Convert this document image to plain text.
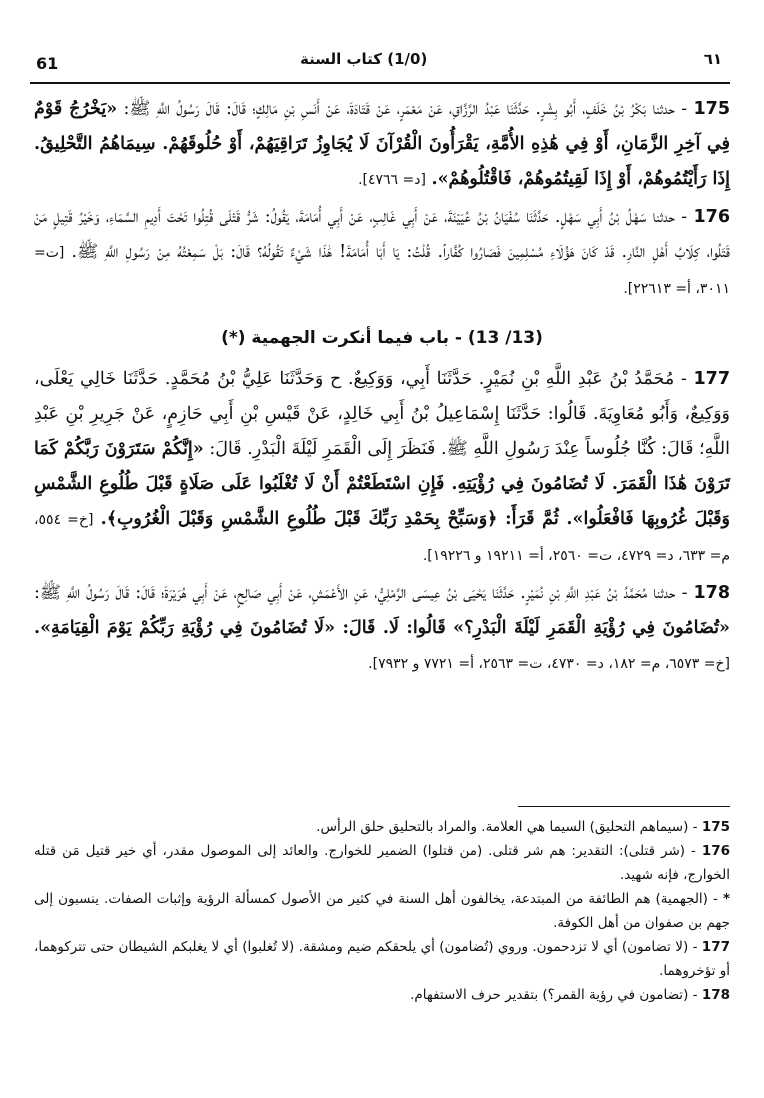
61	(1/0) كتاب السنة	٦١

175 - حدثنا بَكْرُ بْنُ خَلَفٍ، أَبُو بِشْرٍ. حَدَّثَنَا عَبْدُ الرَّزَّاقِ، عَنْ مَعْمَرٍ، عَنْ قَتَادَةَ، عَنْ أَنَسِ بْنِ مَالِكٍ؛ قَالَ: قَالَ رَسُولُ اللَّهِ ﷺ: «يَخْرُجُ قَوْمٌ فِي آخِرِ الزَّمَانِ، أَوْ فِي هَٰذِهِ الأُمَّةِ، يَقْرَأُونَ الْقُرْآنَ لَا يُجَاوِزُ تَرَاقِيَهُمْ، أَوْ حُلُوقَهُمْ. سِيمَاهُمُ التَّحْلِيقُ. إِذَا رَأَيْتُمُوهُمْ، أَوْ إِذَا لَقِيتُمُوهُمْ، فَاقْتُلُوهُمْ». [د= ٤٧٦٦].

176 - حدثنا سَهْلُ بْنُ أَبِي سَهْلٍ. حَدَّثَنَا سُفْيَانُ بْنُ عُيَيْنَةَ، عَنْ أَبِي غَالِبٍ، عَنْ أَبِي أُمَامَةَ، يَقُولُ: شَرُّ قَتْلَى قُتِلُوا تَحْتَ أَدِيمِ السَّمَاءِ، وَخَيْرُ قَتِيلٍ مَنْ قَتَلُوا، كِلَابُ أَهْلِ النَّارِ. قَدْ كَانَ هَؤُلَاءِ مُسْلِمِينَ فَصَارُوا كُفَّاراً. قُلْتُ: يَا أَبَا أُمَامَةَ! هَٰذَا شَيْءٌ تَقُولُهُ؟ قَالَ: بَلْ سَمِعْتُهُ مِنْ رَسُولِ اللَّهِ ﷺ. [ت= ٣٠١١، أ= ٢٢٦١٣].

(13/ 13) - باب فيما أنكرت الجهمية (*)

177 - مُحَمَّدُ بْنُ عَبْدِ اللَّهِ بْنِ نُمَيْرٍ. حَدَّثَنَا أَبِي، وَوَكِيعٌ. ح وَحَدَّثَنَا عَلِيُّ بْنُ مُحَمَّدٍ. حَدَّثَنَا خَالِي يَعْلَى، وَوَكِيعٌ، وَأَبُو مُعَاوِيَةَ. قَالُوا: حَدَّثَنَا إِسْمَاعِيلُ بْنُ أَبِي خَالِدٍ، عَنْ قَيْسِ بْنِ أَبِي حَازِمٍ، عَنْ جَرِيرِ بْنِ عَبْدِ اللَّهِ؛ قَالَ: كُنَّا جُلُوساً عِنْدَ رَسُولِ اللَّهِ ﷺ. فَنَظَرَ إِلَى الْقَمَرِ لَيْلَةَ الْبَدْرِ. قَالَ: «إِنَّكُمْ سَتَرَوْنَ رَبَّكُمْ كَمَا تَرَوْنَ هَٰذَا الْقَمَرَ. لَا تُضَامُونَ فِي رُؤْيَتِهِ. فَإِنِ اسْتَطَعْتُمْ أَنْ لَا تُغْلَبُوا عَلَى صَلَاةٍ قَبْلَ طُلُوعِ الشَّمْسِ وَقَبْلَ غُرُوبِهَا فَافْعَلُوا». ثُمَّ قَرَأَ: ﴿وَسَبِّحْ بِحَمْدِ رَبِّكَ قَبْلَ طُلُوعِ الشَّمْسِ وَقَبْلَ الْغُرُوبِ﴾. [خ= ٥٥٤، م= ٦٣٣، د= ٤٧٢٩، ت= ٢٥٦٠، أ= ١٩٢١١ و ١٩٢٢٦].

178 - حدثنا مُحَمَّدُ بْنُ عَبْدِ اللَّهِ بْنِ نُمَيْرٍ. حَدَّثَنَا يَحْيَى بْنُ عِيسَى الرَّمْلِيُّ، عَنِ الأَعْمَشِ، عَنْ أَبِي صَالِحٍ، عَنْ أَبِي هُرَيْرَةَ؛ قَالَ: قَالَ رَسُولُ اللَّهِ ﷺ: «تُضَامُونَ فِي رُؤْيَةِ الْقَمَرِ لَيْلَةَ الْبَدْرِ؟» قَالُوا: لَا. قَالَ: «لَا تُضَامُونَ فِي رُؤْيَةِ رَبِّكُمْ يَوْمَ الْقِيَامَةِ». [خ= ٦٥٧٣، م= ١٨٢، د= ٤٧٣٠، ت= ٢٥٦٣، أ= ٧٧٢١ و ٧٩٣٢].

175 - (سيماهم التحليق) السيما هي العلامة. والمراد بالتحليق حلق الرأس.

176 - (شر قتلى): التقدير: هم شر قتلى. (من قتلوا) الضمير للخوارج. والعائد إلى الموصول مقدر، أي خير قتيل مَن قتله الخوارج، فإنه شهيد.

* - (الجهمية) هم الطائفة من المبتدعة، يخالفون أهل السنة في كثير من الأصول كمسألة الرؤية وإثبات الصفات. ينسبون إلى جهم بن صفوان من أهل الكوفة.

177 - (لا تضامون) أي لا تزدحمون. وروي (تُضامون) أي يلحقكم ضيم ومشقة. (لا تُغلبوا) أي لا يغلبكم الشيطان حتى تتركوهما، أو تؤخروهما.

178 - (تضامون في رؤية القمر؟) بتقدير حرف الاستفهام.
